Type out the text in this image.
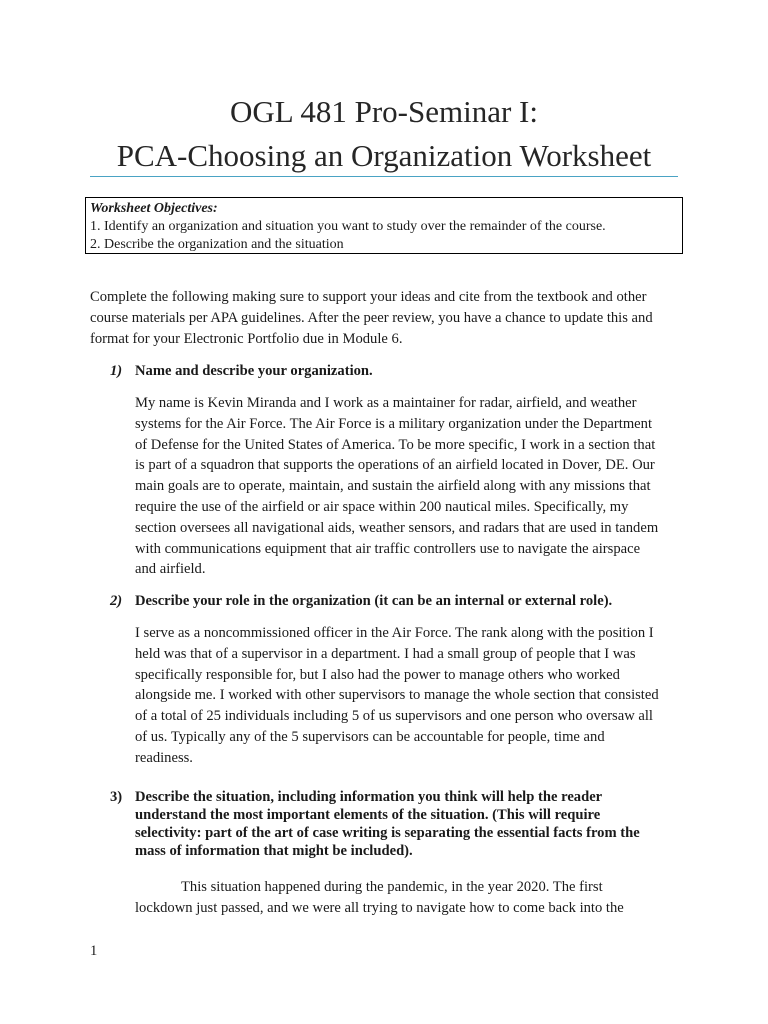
OGL 481 Pro-Seminar I:
PCA-Choosing an Organization Worksheet
Worksheet Objectives:
1. Identify an organization and situation you want to study over the remainder of the course.
2. Describe the organization and the situation
Complete the following making sure to support your ideas and cite from the textbook and other
course materials per APA guidelines. After the peer review, you have a chance to update this and
format for your Electronic Portfolio due in Module 6.
1) Name and describe your organization.
My name is Kevin Miranda and I work as a maintainer for radar, airfield, and weather
systems for the Air Force. The Air Force is a military organization under the Department
of Defense for the United States of America. To be more specific, I work in a section that
is part of a squadron that supports the operations of an airfield located in Dover, DE. Our
main goals are to operate, maintain, and sustain the airfield along with any missions that
require the use of the airfield or air space within 200 nautical miles. Specifically, my
section oversees all navigational aids, weather sensors, and radars that are used in tandem
with communications equipment that air traffic controllers use to navigate the airspace
and airfield.
2) Describe your role in the organization (it can be an internal or external role).
I serve as a noncommissioned officer in the Air Force. The rank along with the position I
held was that of a supervisor in a department. I had a small group of people that I was
specifically responsible for, but I also had the power to manage others who worked
alongside me. I worked with other supervisors to manage the whole section that consisted
of a total of 25 individuals including 5 of us supervisors and one person who oversaw all
of us. Typically any of the 5 supervisors can be accountable for people, time and
readiness.
3) Describe the situation, including information you think will help the reader
understand the most important elements of the situation. (This will require
selectivity: part of the art of case writing is separating the essential facts from the
mass of information that might be included).
This situation happened during the pandemic, in the year 2020. The first
lockdown just passed, and we were all trying to navigate how to come back into the
1
